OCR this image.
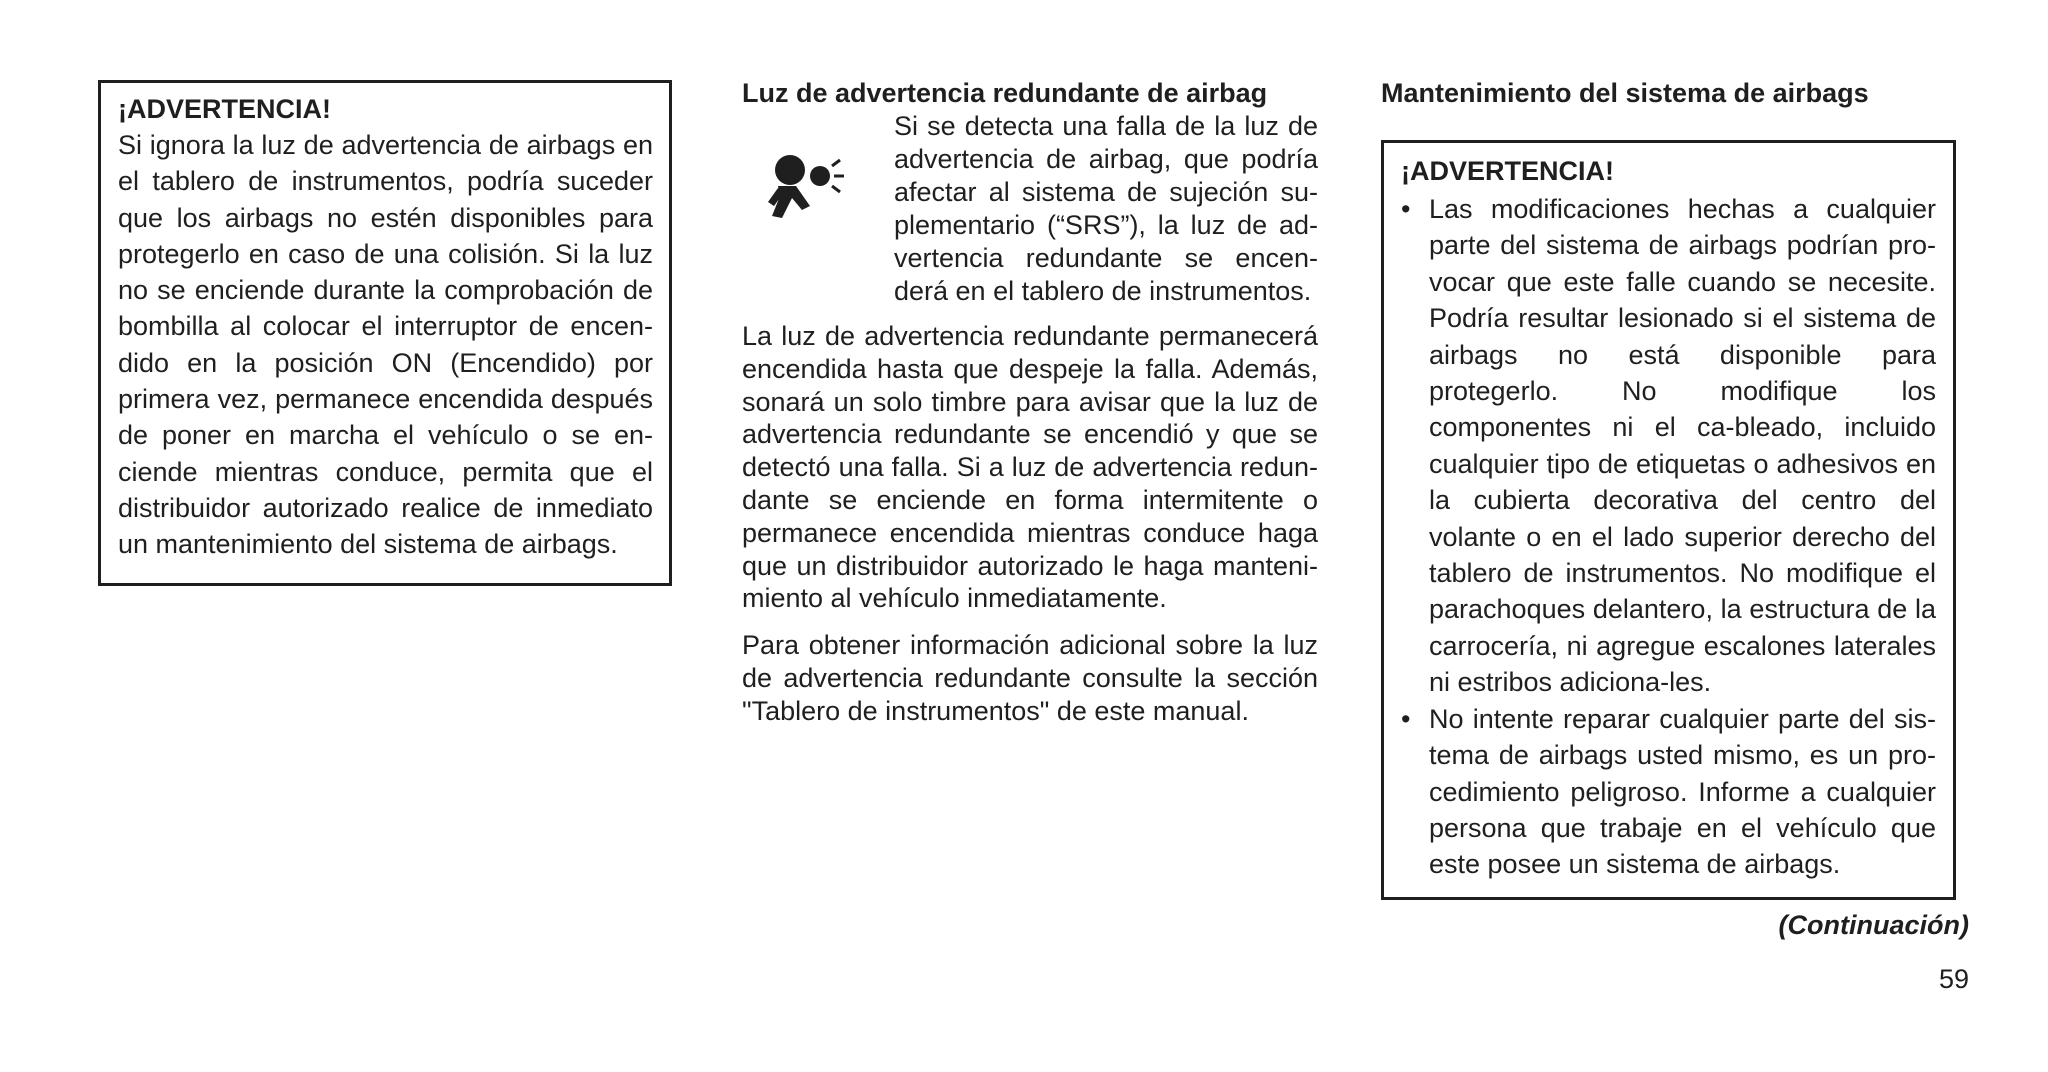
¡ADVERTENCIA!

Si ignora la luz de advertencia de airbags en el tablero de instrumentos, podría suceder que los airbags no estén disponibles para protegerlo en caso de una colisión. Si la luz no se enciende durante la comprobación de bombilla al colocar el interruptor de encen-dido en la posición ON (Encendido) por primera vez, permanece encendida después de poner en marcha el vehículo o se en-ciende mientras conduce, permita que el distribuidor autorizado realice de inmediato un mantenimiento del sistema de airbags.

Luz de advertencia redundante de airbag

Si se detecta una falla de la luz de advertencia de airbag, que podría afectar al sistema de sujeción su-plementario (“SRS”), la luz de ad-vertencia redundante se encen-derá en el tablero de instrumentos.

La luz de advertencia redundante permanecerá encendida hasta que despeje la falla. Además, sonará un solo timbre para avisar que la luz de advertencia redundante se encendió y que se detectó una falla. Si a luz de advertencia redun-dante se enciende en forma intermitente o permanece encendida mientras conduce haga que un distribuidor autorizado le haga manteni-miento al vehículo inmediatamente.

Para obtener información adicional sobre la luz de advertencia redundante consulte la sección "Tablero de instrumentos" de este manual.

Mantenimiento del sistema de airbags

¡ADVERTENCIA!

• Las modificaciones hechas a cualquier parte del sistema de airbags podrían pro-vocar que este falle cuando se necesite. Podría resultar lesionado si el sistema de airbags no está disponible para protegerlo. No modifique los componentes ni el ca-bleado, incluido cualquier tipo de etiquetas o adhesivos en la cubierta decorativa del centro del volante o en el lado superior derecho del tablero de instrumentos. No modifique el parachoques delantero, la estructura de la carrocería, ni agregue escalones laterales ni estribos adiciona-les.

• No intente reparar cualquier parte del sis-tema de airbags usted mismo, es un pro-cedimiento peligroso. Informe a cualquier persona que trabaje en el vehículo que este posee un sistema de airbags.

(Continuación)
59
